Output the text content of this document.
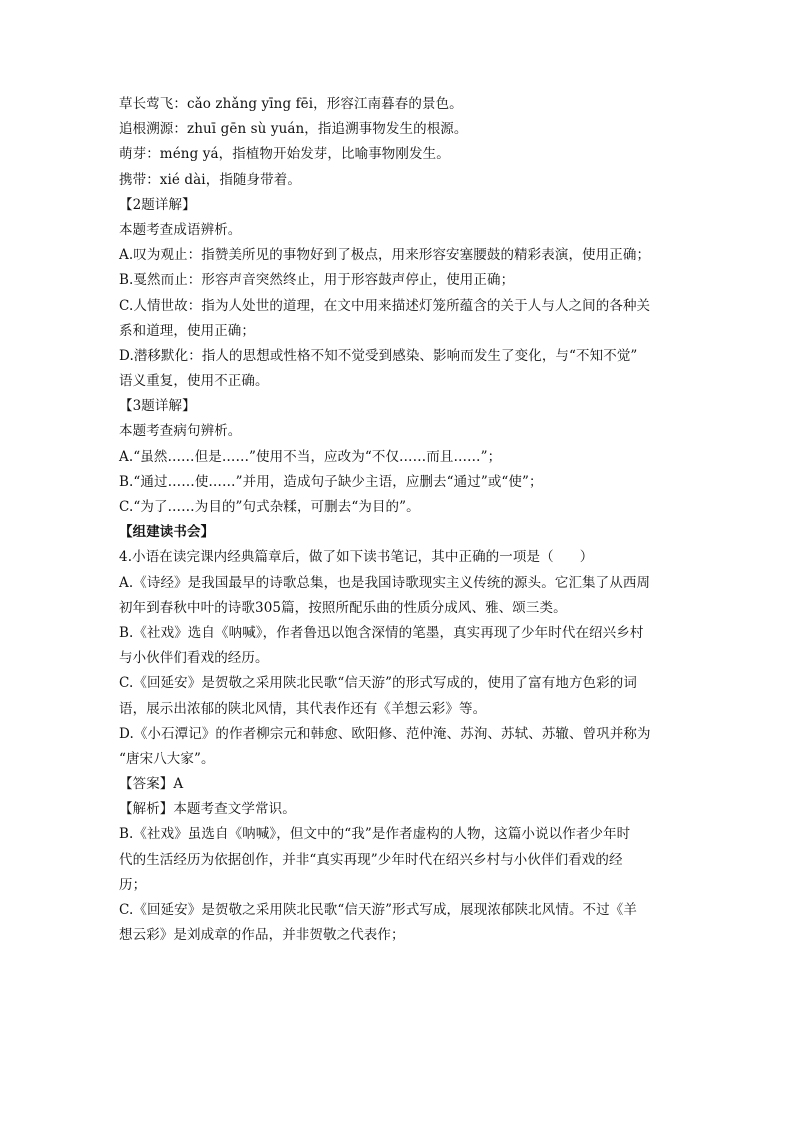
草长莺飞：cǎo zhǎng yīng fēi，形容江南暮春的景色。
追根溯源：zhuī gēn sù yuán，指追溯事物发生的根源。
萌芽：méng yá，指植物开始发芽，比喻事物刚发生。
携带：xié dài，指随身带着。
【2题详解】
本题考查成语辨析。
A.叹为观止：指赞美所见的事物好到了极点，用来形容安塞腰鼓的精彩表演，使用正确；
B.戛然而止：形容声音突然终止，用于形容鼓声停止，使用正确；
C.人情世故：指为人处世的道理，在文中用来描述灯笼所蕴含的关于人与人之间的各种关
系和道理，使用正确；
D.潜移默化：指人的思想或性格不知不觉受到感染、影响而发生了变化，与“不知不觉”
语义重复，使用不正确。
【3题详解】
本题考查病句辨析。
A.“虽然……但是……”使用不当，应改为“不仅……而且……”；
B.“通过……使……”并用，造成句子缺少主语，应删去“通过”或“使”；
C.“为了……为目的”句式杂糅，可删去“为目的”。
【组建读书会】
4.小语在读完课内经典篇章后，做了如下读书笔记，其中正确的一项是（ ）
A.《诗经》是我国最早的诗歌总集，也是我国诗歌现实主义传统的源头。它汇集了从西周
初年到春秋中叶的诗歌305篇，按照所配乐曲的性质分成风、雅、颂三类。
B.《社戏》选自《呐喊》，作者鲁迅以饱含深情的笔墨，真实再现了少年时代在绍兴乡村
与小伙伴们看戏的经历。
C.《回延安》是贺敬之采用陕北民歌“信天游”的形式写成的，使用了富有地方色彩的词
语，展示出浓郁的陕北风情，其代表作还有《羊想云彩》等。
D.《小石潭记》的作者柳宗元和韩愈、欧阳修、范仲淹、苏洵、苏轼、苏辙、曾巩并称为
“唐宋八大家”。
【答案】A
【解析】本题考查文学常识。
B.《社戏》虽选自《呐喊》，但文中的“我”是作者虚构的人物，这篇小说以作者少年时
代的生活经历为依据创作，并非“真实再现”少年时代在绍兴乡村与小伙伴们看戏的经
历；
C.《回延安》是贺敬之采用陕北民歌“信天游”形式写成，展现浓郁陕北风情。不过《羊
想云彩》是刘成章的作品，并非贺敬之代表作；
